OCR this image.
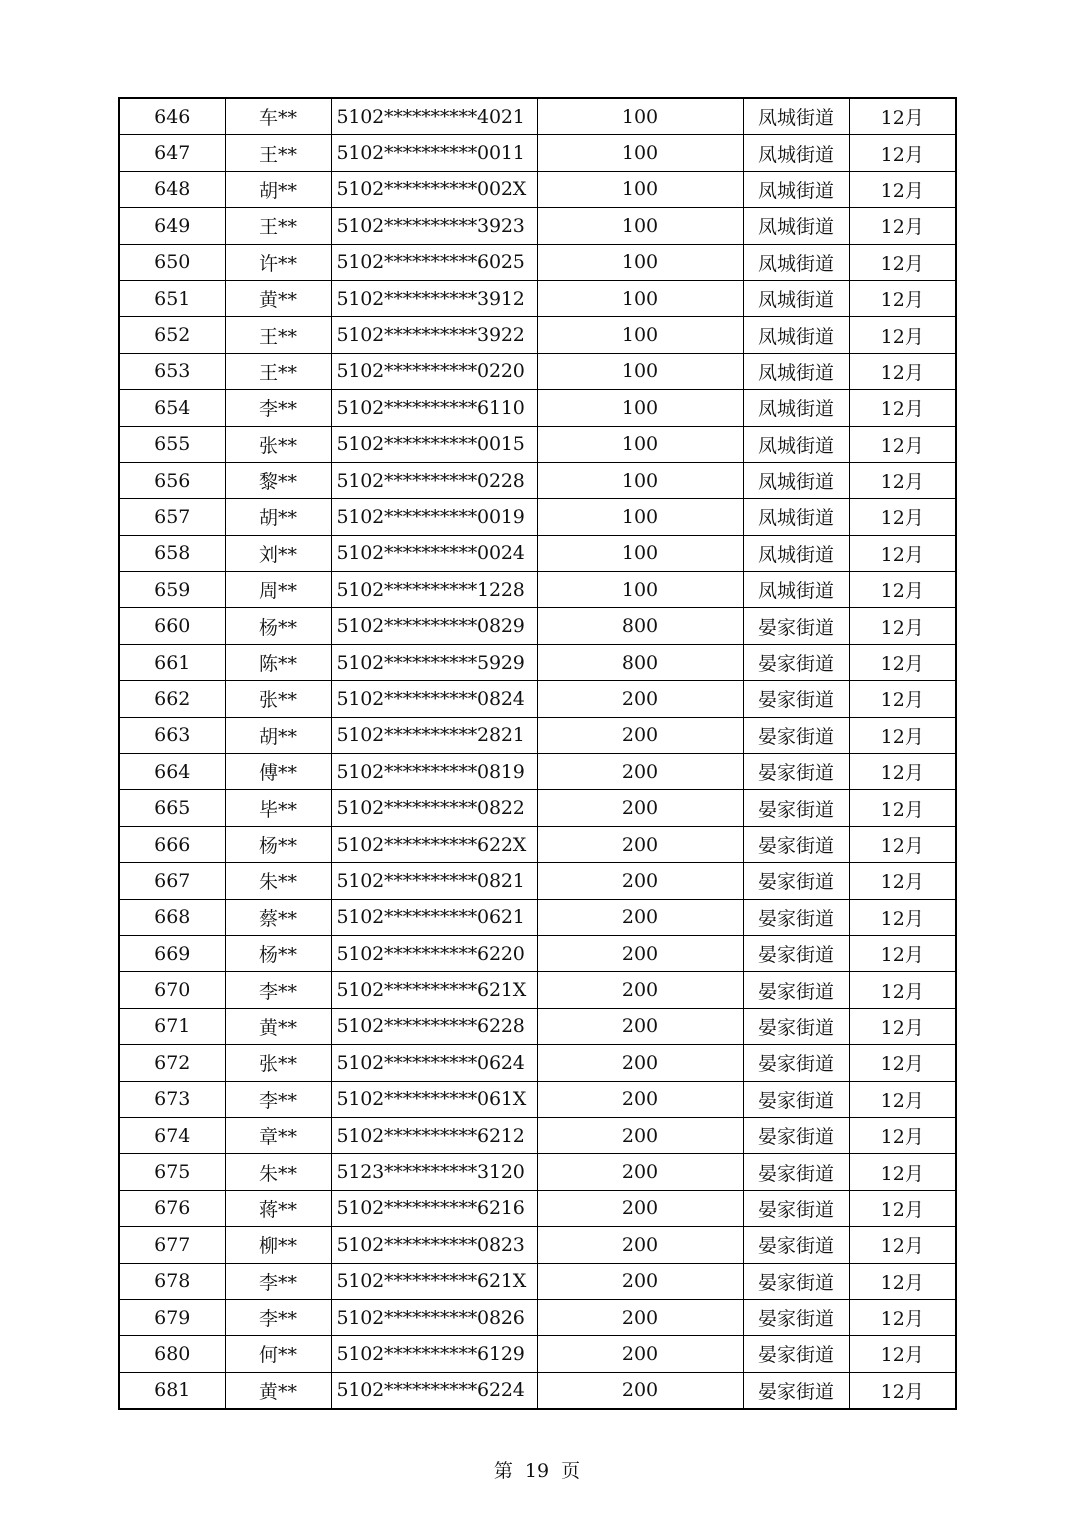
646	车**	5102**********4021	100	凤城街道	12月
647	王**	5102**********0011	100	凤城街道	12月
648	胡**	5102**********002X	100	凤城街道	12月
649	王**	5102**********3923	100	凤城街道	12月
650	许**	5102**********6025	100	凤城街道	12月
651	黄**	5102**********3912	100	凤城街道	12月
652	王**	5102**********3922	100	凤城街道	12月
653	王**	5102**********0220	100	凤城街道	12月
654	李**	5102**********6110	100	凤城街道	12月
655	张**	5102**********0015	100	凤城街道	12月
656	黎**	5102**********0228	100	凤城街道	12月
657	胡**	5102**********0019	100	凤城街道	12月
658	刘**	5102**********0024	100	凤城街道	12月
659	周**	5102**********1228	100	凤城街道	12月
660	杨**	5102**********0829	800	晏家街道	12月
661	陈**	5102**********5929	800	晏家街道	12月
662	张**	5102**********0824	200	晏家街道	12月
663	胡**	5102**********2821	200	晏家街道	12月
664	傅**	5102**********0819	200	晏家街道	12月
665	毕**	5102**********0822	200	晏家街道	12月
666	杨**	5102**********622X	200	晏家街道	12月
667	朱**	5102**********0821	200	晏家街道	12月
668	蔡**	5102**********0621	200	晏家街道	12月
669	杨**	5102**********6220	200	晏家街道	12月
670	李**	5102**********621X	200	晏家街道	12月
671	黄**	5102**********6228	200	晏家街道	12月
672	张**	5102**********0624	200	晏家街道	12月
673	李**	5102**********061X	200	晏家街道	12月
674	章**	5102**********6212	200	晏家街道	12月
675	朱**	5123**********3120	200	晏家街道	12月
676	蒋**	5102**********6216	200	晏家街道	12月
677	柳**	5102**********0823	200	晏家街道	12月
678	李**	5102**********621X	200	晏家街道	12月
679	李**	5102**********0826	200	晏家街道	12月
680	何**	5102**********6129	200	晏家街道	12月
681	黄**	5102**********6224	200	晏家街道	12月
第 19 页
